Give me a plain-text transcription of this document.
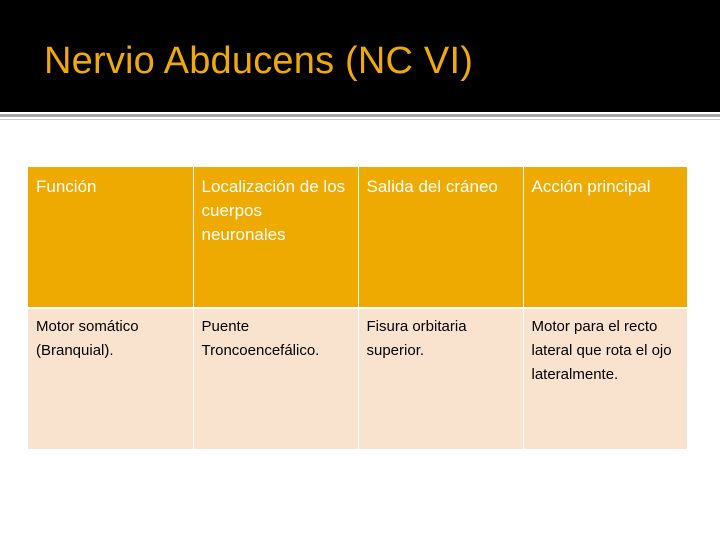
Nervio Abducens (NC VI)
Función	Localización de los cuerpos neuronales	Salida del cráneo	Acción principal
Motor somático (Branquial).	Puente Troncoencefálico.	Fisura orbitaria superior.	Motor para el recto lateral que rota el ojo lateralmente.
